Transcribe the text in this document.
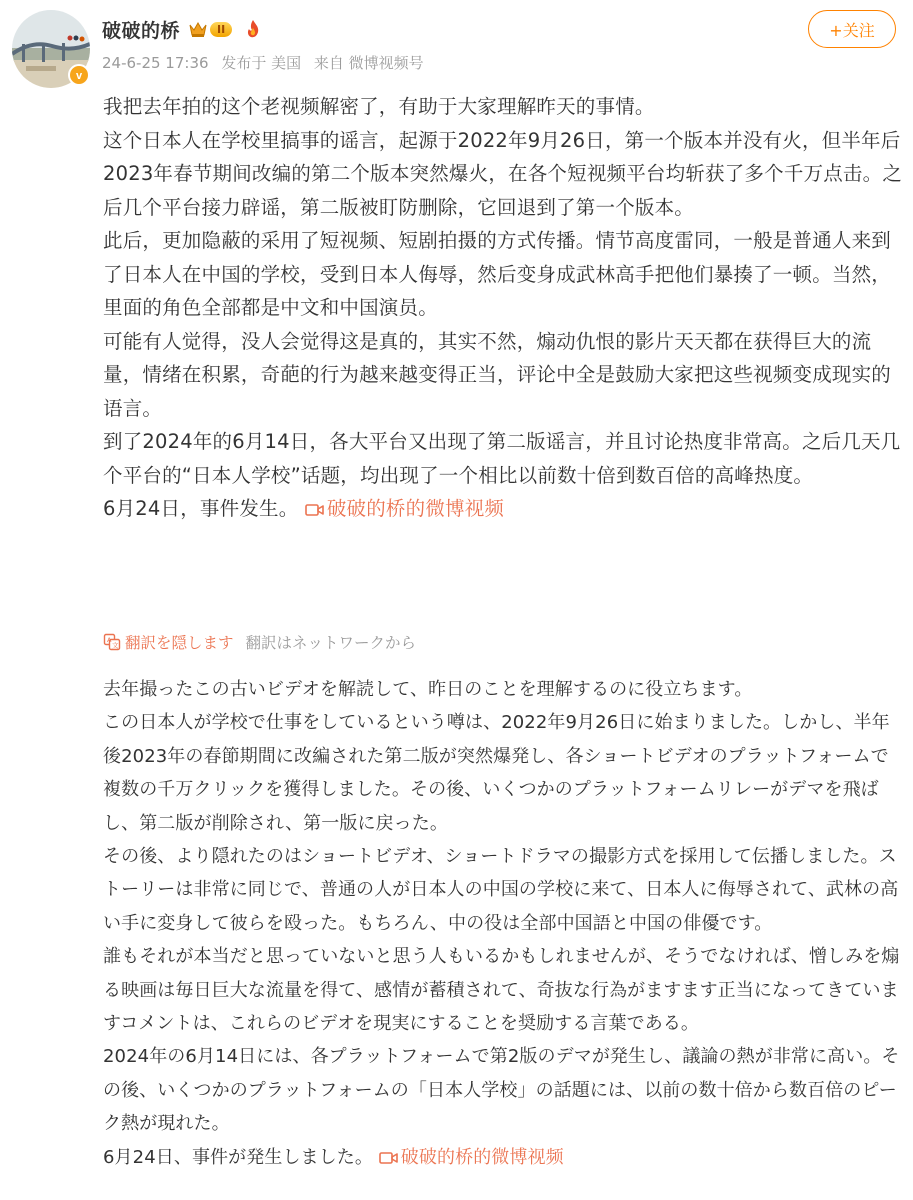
v
破破的桥	II
24-6-25 17:36 发布于 美国 来自 微博视频号
+关注

我把去年拍的这个老视频解密了，有助于大家理解昨天的事情。

这个日本人在学校里搞事的谣言，起源于2022年9月26日，第一个版本并没有火，但半年后2023年春节期间改编的第二个版本突然爆火，在各个短视频平台均斩获了多个千万点击。之后几个平台接力辟谣，第二版被盯防删除，它回退到了第一个版本。

此后，更加隐蔽的采用了短视频、短剧拍摄的方式传播。情节高度雷同，一般是普通人来到了日本人在中国的学校，受到日本人侮辱，然后变身成武林高手把他们暴揍了一顿。当然，里面的角色全部都是中文和中国演员。

可能有人觉得，没人会觉得这是真的，其实不然，煽动仇恨的影片天天都在获得巨大的流量，情绪在积累，奇葩的行为越来越变得正当，评论中全是鼓励大家把这些视频变成现实的语言。

到了2024年的6月14日，各大平台又出现了第二版谣言，并且讨论热度非常高。之后几天几个平台的“日本人学校”话题，均出现了一个相比以前数十倍到数百倍的高峰热度。

6月24日，事件发生。 破破的桥的微博视频

A
文 翻訳を隠します 翻訳はネットワークから

去年撮ったこの古いビデオを解読して、昨日のことを理解するのに役立ちます。

この日本人が学校で仕事をしているという噂は、2022年9月26日に始まりました。しかし、半年後2023年の春節期間に改編された第二版が突然爆発し、各ショートビデオのプラットフォームで複数の千万クリックを獲得しました。その後、いくつかのプラットフォームリレーがデマを飛ばし、第二版が削除され、第一版に戻った。

その後、より隠れたのはショートビデオ、ショートドラマの撮影方式を採用して伝播しました。ストーリーは非常に同じで、普通の人が日本人の中国の学校に来て、日本人に侮辱されて、武林の高い手に変身して彼らを殴った。もちろん、中の役は全部中国語と中国の俳優です。

誰もそれが本当だと思っていないと思う人もいるかもしれませんが、そうでなければ、憎しみを煽る映画は毎日巨大な流量を得て、感情が蓄積されて、奇抜な行為がますます正当になってきていますコメントは、これらのビデオを現実にすることを奨励する言葉である。

2024年の6月14日には、各プラットフォームで第2版のデマが発生し、議論の熱が非常に高い。その後、いくつかのプラットフォームの「日本人学校」の話題には、以前の数十倍から数百倍のピーク熱が現れた。

6月24日、事件が発生しました。 破破的桥的微博视频
